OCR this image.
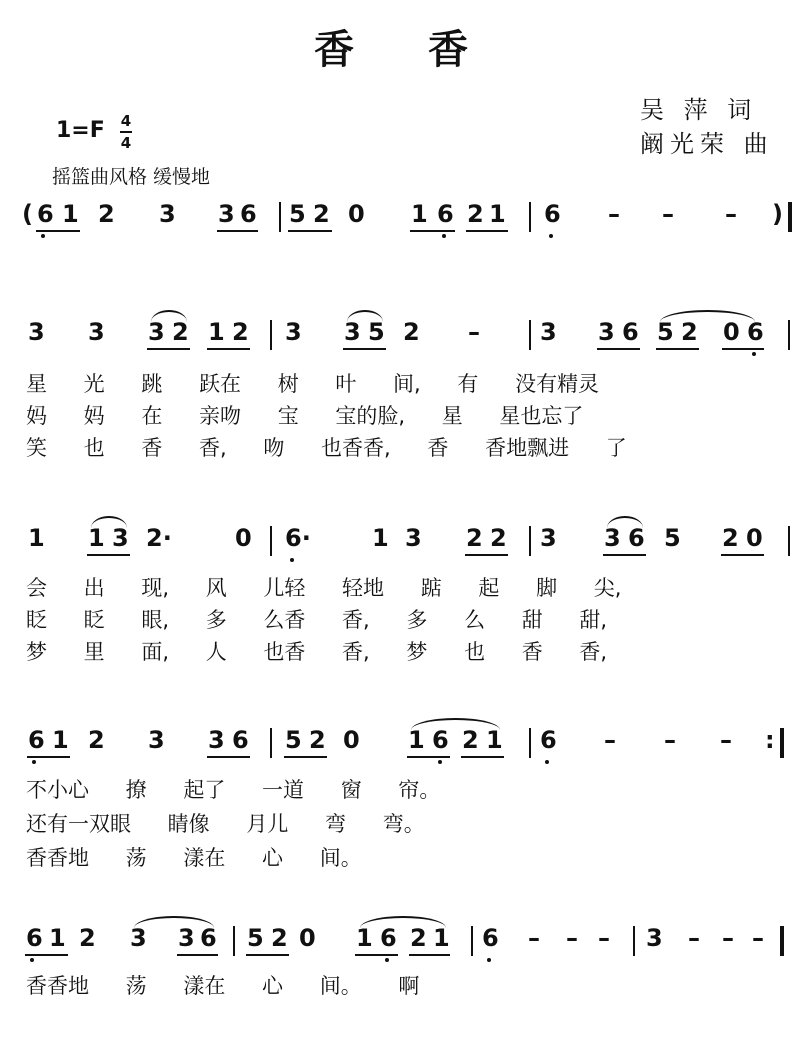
香 香
吴 萍 词
阚光荣 曲
1=F 4
4
摇篮曲风格 缓慢地
(	)
6 1 2 3 3 6 5 2 0 1 6 2 1 6 – – –
3 3 3 2 1 2 3 3 5 2 –	3 3 6 5 2 0 6
星 光 跳 跃在 树 叶 间, 有 没有精灵
妈 妈 在 亲吻 宝 宝的脸, 星 星也忘了
笑 也 香 香, 吻 也香香, 香 香地飘进 了
1 1 3 2·	0 6·	1 3 2 2 3 3 6 5 2 0
会 出 现, 风 儿轻 轻地 踮 起 脚 尖,
眨 眨 眼, 多 么香 香, 多 么 甜 甜,
梦 里 面, 人 也香 香, 梦 也 香 香,
6 1 2 3 3 6 5 2 0 1 6 2 1 6 – – – :
不小心 撩 起了 一道 窗 帘。
还有一双眼 睛像 月儿 弯 弯。
香香地 荡 漾在 心 间。
6 1 2 3 3 6 5 2 0 1 6 2 1 6 – – – 3 – – –
香香地 荡 漾在 心 间。 啊
